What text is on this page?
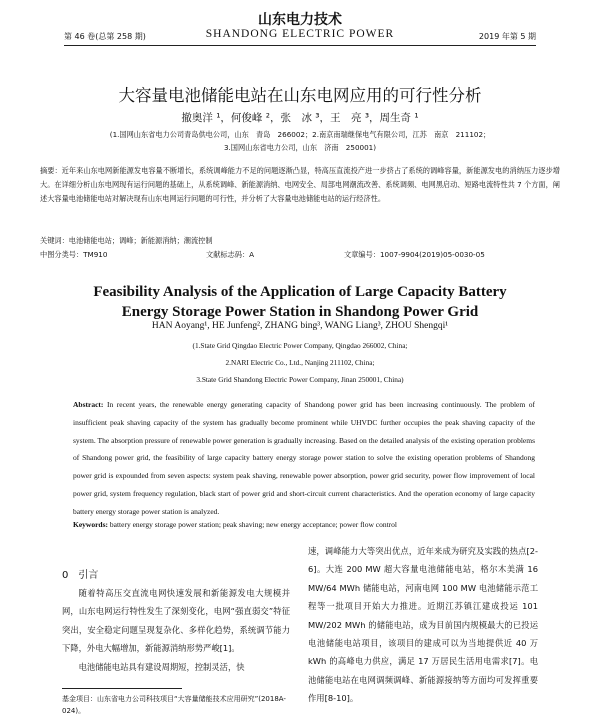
山东电力技术
第 46 卷(总第 258 期)	SHANDONG ELECTRIC POWER	2019 年第 5 期
大容量电池储能电站在山东电网应用的可行性分析
撤奥洋 ¹，何俊峰 ²，张　冰 ³，王　亮 ³，周生奇 ¹
(1.国网山东省电力公司青岛供电公司，山东　青岛　266002；2.南京南瑞继保电气有限公司，江苏　南京　211102；
3.国网山东省电力公司，山东　济南　250001)
摘要：近年来山东电网新能源发电容量不断增长，系统调峰能力不足的问题逐渐凸显，特高压直流投产进一步挤占了系统的调峰容量，新能源发电的消纳压力逐步增大。在详细分析山东电网现有运行问题的基础上，从系统调峰、新能源消纳、电网安全、局部电网潮流改善、系统调频、电网黑启动、短路电流特性共 7 个方面，阐述大容量电池储能电站对解决现有山东电网运行问题的可行性，并分析了大容量电池储能电站的运行经济性。
关键词：电池储能电站；调峰；新能源消纳；潮流控制
中图分类号：TM910	文献标志码：A	文章编号：1007-9904(2019)05-0030-05
Feasibility Analysis of the Application of Large Capacity Battery
Energy Storage Power Station in Shandong Power Grid
HAN Aoyang¹, HE Junfeng², ZHANG bing³, WANG Liang³, ZHOU Shengqi¹
(1.State Grid Qingdao Electric Power Company, Qingdao 266002, China;
2.NARI Electric Co., Ltd., Nanjing 211102, China;
3.State Grid Shandong Electric Power Company, Jinan 250001, China)
Abstract: In recent years, the renewable energy generating capacity of Shandong power grid has been increasing continuously. The problem of insufficient peak shaving capacity of the system has gradually become prominent while UHVDC further occupies the peak shaving capacity of the system. The absorption pressure of renewable power generation is gradually increasing. Based on the detailed analysis of the existing operation problems of Shandong power grid, the feasibility of large capacity battery energy storage power station to solve the existing operation problems of Shandong power grid is expounded from seven aspects: system peak shaving, renewable power absorption, power grid security, power flow improvement of local power grid, system frequency regulation, black start of power grid and short-circuit current characteristics. And the operation economy of large capacity battery energy storage power station is analyzed.
Keywords: battery energy storage power station; peak shaving; new energy acceptance; power flow control
0　引言
随着特高压交直流电网快速发展和新能源发电大规模并网，山东电网运行特性发生了深刻变化，电网“强直弱交”特征突出，安全稳定问题呈现复杂化、多样化趋势，系统调节能力下降，外电大幅增加，新能源消纳形势严峻[1]。
电池储能电站具有建设周期短，控制灵活，快
速，调峰能力大等突出优点，近年来成为研究及实践的热点[2-6]。大连 200 MW 超大容量电池储能电站，格尔木美满 16 MW/64 MWh 储能电站，河南电网 100 MW 电池储能示范工程等一批项目开始大力推进。近期江苏镇江建成投运 101 MW/202 MWh 的储能电站，成为目前国内规模最大的已投运电池储能电站项目，该项目的建成可以为当地提供近 40 万 kWh 的高峰电力供应，满足 17 万居民生活用电需求[7]。电池储能电站在电网调频调峰、新能源接纳等方面均可发挥重要作用[8-10]。
基金项目：山东省电力公司科技项目“大容量储能技术应用研究”(2018A-024)。
